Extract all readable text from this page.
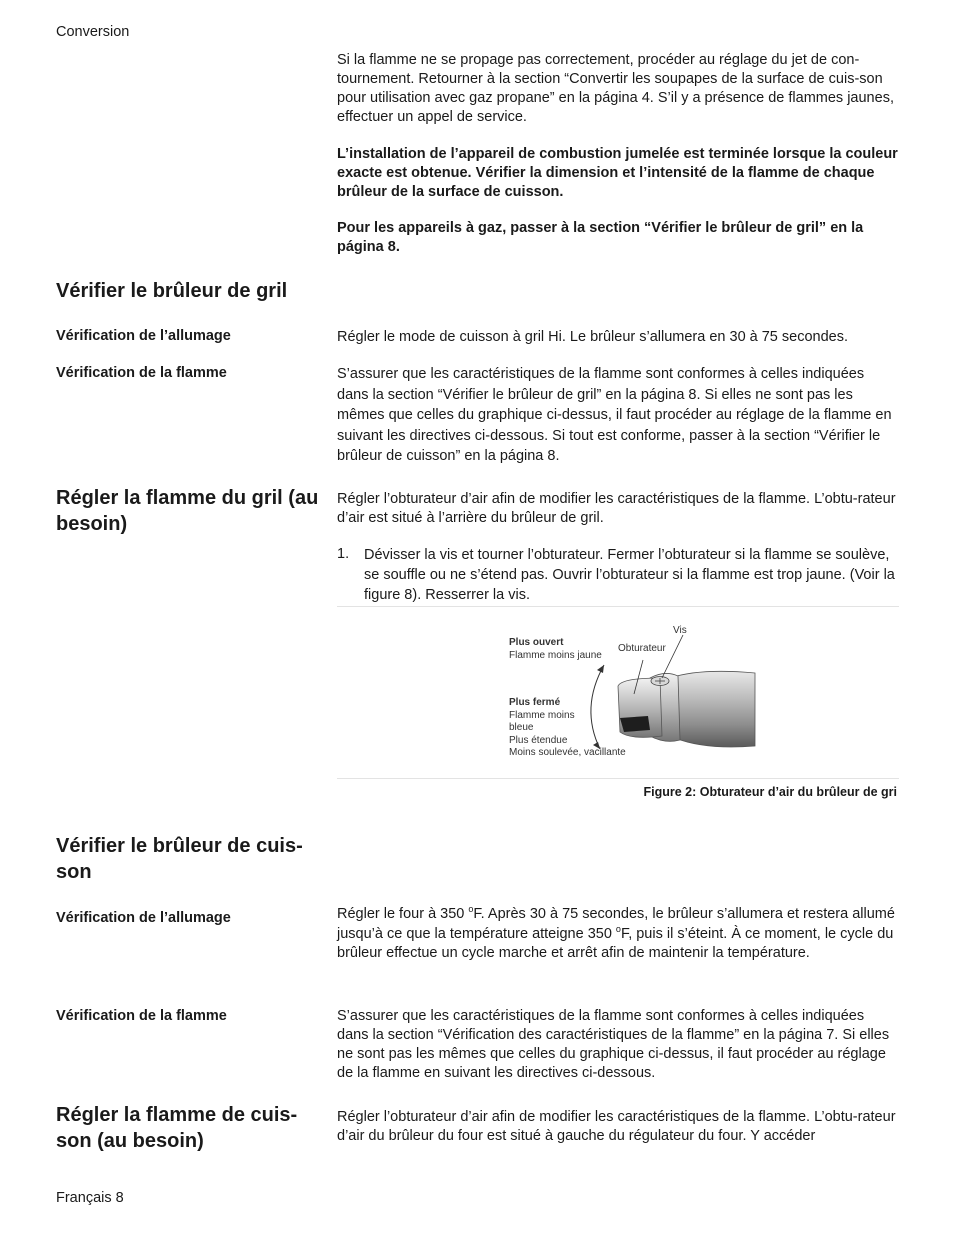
Conversion
Si la flamme ne se propage pas correctement, procéder au réglage du jet de con-tournement. Retourner à la section “Convertir les soupapes de la surface de cuis-son pour utilisation avec gaz propane” en la página 4. S’il y a présence de flammes jaunes, effectuer un appel de service.
L’installation de l’appareil de combustion jumelée est terminée lorsque la couleur exacte est obtenue. Vérifier la dimension et l’intensité de la flamme de chaque brûleur de la surface de cuisson.
Pour les appareils à gaz, passer à la section “Vérifier le brûleur de gril” en la página 8.
Vérifier le brûleur de gril
Vérification de l’allumage	Régler le mode de cuisson à gril Hi. Le brûleur s’allumera en 30 à 75 secondes.
Vérification de la flamme	S’assurer que les caractéristiques de la flamme sont conformes à celles indiquées dans la section “Vérifier le brûleur de gril” en la página 8. Si elles ne sont pas les mêmes que celles du graphique ci-dessus, il faut procéder au réglage de la flamme en suivant les directives ci-dessous. Si tout est conforme, passer à la section “Vérifier le brûleur de cuisson” en la página 8.
Régler la flamme du gril (au besoin)
Régler l’obturateur d’air afin de modifier les caractéristiques de la flamme. L’obtu-rateur d’air est situé à l’arrière du brûleur de gril.
1. Dévisser la vis et tourner l’obturateur. Fermer l’obturateur si la flamme se soulève, se souffle ou ne s’étend pas. Ouvrir l’obturateur si la flamme est trop jaune. (Voir la figure 8). Resserrer la vis.
Vis
Obturateur
Plus ouvert
Flamme moins jaune
Plus fermé
Flamme moins
bleue
Plus étendue
Moins soulevée, vacillante
Figure 2: Obturateur d’air du brûleur de gri
Vérifier le brûleur de cuis-son
Vérification de l’allumage	Régler le four à 350 $^o$F. Après 30 à 75 secondes, le brûleur s’allumera et restera allumé jusqu’à ce que la température atteigne 350 $^o$F, puis il s’éteint. À ce moment, le cycle du brûleur effectue un cycle marche et arrêt afin de maintenir la température.
Vérification de la flamme	S’assurer que les caractéristiques de la flamme sont conformes à celles indiquées dans la section “Vérification des caractéristiques de la flamme” en la página 7. Si elles ne sont pas les mêmes que celles du graphique ci-dessus, il faut procéder au réglage de la flamme en suivant les directives ci-dessous.
Régler la flamme de cuis-son (au besoin)
Régler l’obturateur d’air afin de modifier les caractéristiques de la flamme. L’obtu-rateur d’air du brûleur du four est situé à gauche du régulateur du four. Y accéder
Français 8
